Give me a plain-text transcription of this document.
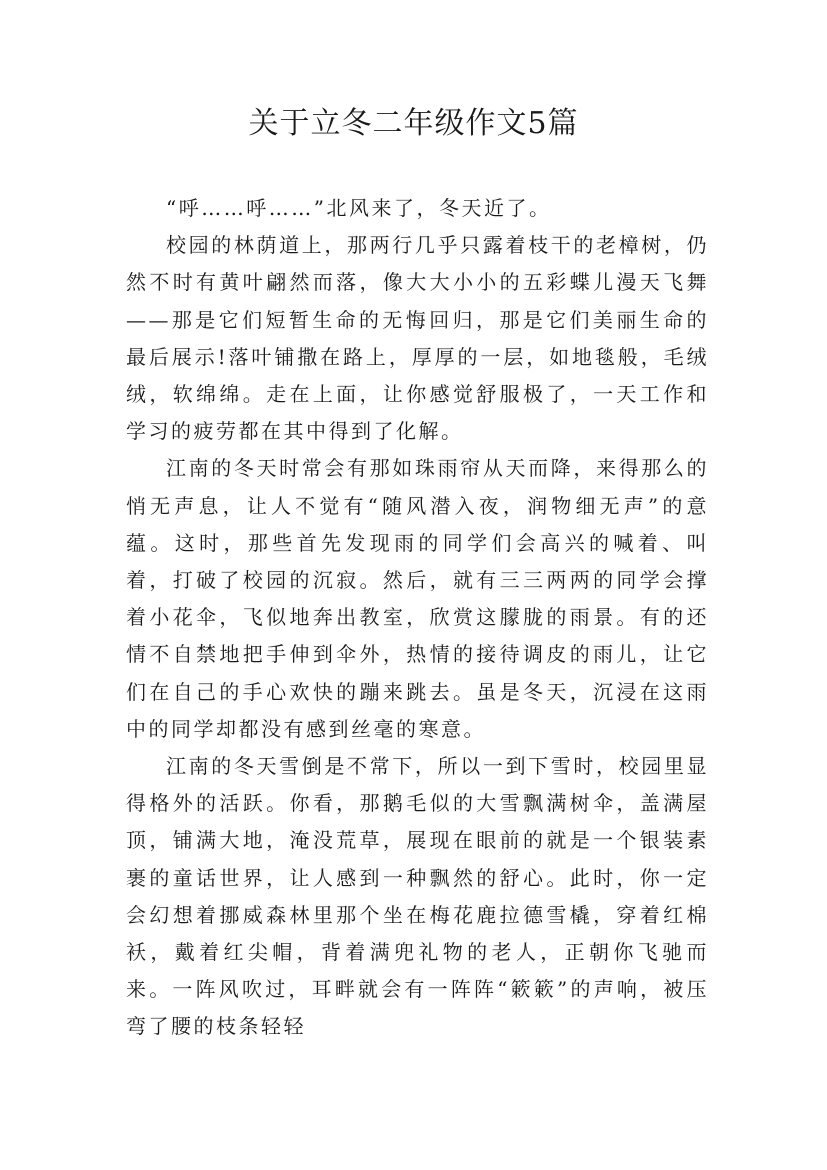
关于立冬二年级作文5篇

“呼……呼……”北风来了，冬天近了。

校园的林荫道上，那两行几乎只露着枝干的老樟树，仍然不时有黄叶翩然而落，像大大小小的五彩蝶儿漫天飞舞——那是它们短暂生命的无悔回归，那是它们美丽生命的最后展示!落叶铺撒在路上，厚厚的一层，如地毯般，毛绒绒，软绵绵。走在上面，让你感觉舒服极了，一天工作和学习的疲劳都在其中得到了化解。

江南的冬天时常会有那如珠雨帘从天而降，来得那么的悄无声息，让人不觉有“随风潜入夜，润物细无声”的意蕴。这时，那些首先发现雨的同学们会高兴的喊着、叫着，打破了校园的沉寂。然后，就有三三两两的同学会撑着小花伞，飞似地奔出教室，欣赏这朦胧的雨景。有的还情不自禁地把手伸到伞外，热情的接待调皮的雨儿，让它们在自己的手心欢快的蹦来跳去。虽是冬天，沉浸在这雨中的同学却都没有感到丝毫的寒意。

江南的冬天雪倒是不常下，所以一到下雪时，校园里显得格外的活跃。你看，那鹅毛似的大雪飘满树伞，盖满屋顶，铺满大地，淹没荒草，展现在眼前的就是一个银装素裹的童话世界，让人感到一种飘然的舒心。此时，你一定会幻想着挪威森林里那个坐在梅花鹿拉德雪橇，穿着红棉袄，戴着红尖帽，背着满兜礼物的老人，正朝你飞驰而来。一阵风吹过，耳畔就会有一阵阵“簌簌”的声响，被压弯了腰的枝条轻轻
